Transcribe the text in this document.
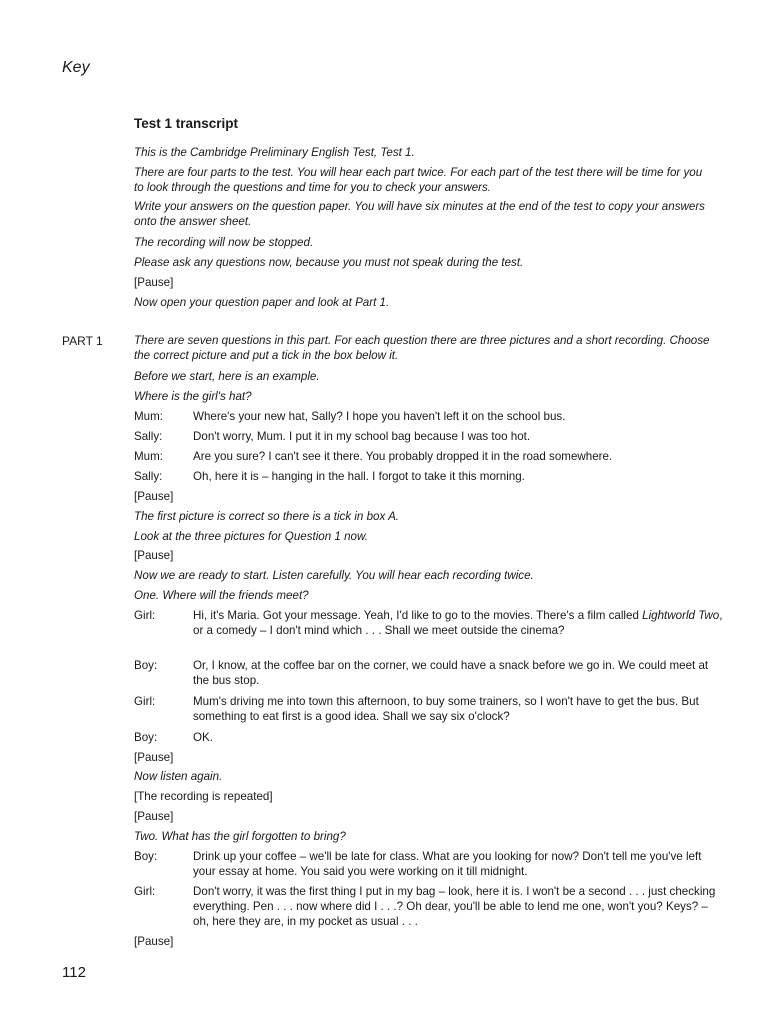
Key
Test 1 transcript
This is the Cambridge Preliminary English Test, Test 1.
There are four parts to the test. You will hear each part twice. For each part of the test there will be time for you to look through the questions and time for you to check your answers.
Write your answers on the question paper. You will have six minutes at the end of the test to copy your answers onto the answer sheet.
The recording will now be stopped.
Please ask any questions now, because you must not speak during the test.
[Pause]
Now open your question paper and look at Part 1.
PART 1	There are seven questions in this part. For each question there are three pictures and a short recording. Choose the correct picture and put a tick in the box below it.
Before we start, here is an example.
Where is the girl's hat?
Mum:	Where's your new hat, Sally? I hope you haven't left it on the school bus.
Sally:	Don't worry, Mum. I put it in my school bag because I was too hot.
Mum:	Are you sure? I can't see it there. You probably dropped it in the road somewhere.
Sally:	Oh, here it is – hanging in the hall. I forgot to take it this morning.
[Pause]
The first picture is correct so there is a tick in box A.
Look at the three pictures for Question 1 now.
[Pause]
Now we are ready to start. Listen carefully. You will hear each recording twice.
One. Where will the friends meet?
Girl:	Hi, it's Maria. Got your message. Yeah, I'd like to go to the movies. There's a film called Lightworld Two, or a comedy – I don't mind which . . . Shall we meet outside the cinema?
Boy:	Or, I know, at the coffee bar on the corner, we could have a snack before we go in. We could meet at the bus stop.
Girl:	Mum's driving me into town this afternoon, to buy some trainers, so I won't have to get the bus. But something to eat first is a good idea. Shall we say six o'clock?
Boy:	OK.
[Pause]
Now listen again.
[The recording is repeated]
[Pause]
Two. What has the girl forgotten to bring?
Boy:	Drink up your coffee – we'll be late for class. What are you looking for now? Don't tell me you've left your essay at home. You said you were working on it till midnight.
Girl:	Don't worry, it was the first thing I put in my bag – look, here it is. I won't be a second . . . just checking everything. Pen . . . now where did I . . .? Oh dear, you'll be able to lend me one, won't you? Keys? – oh, here they are, in my pocket as usual . . .
[Pause]
112
